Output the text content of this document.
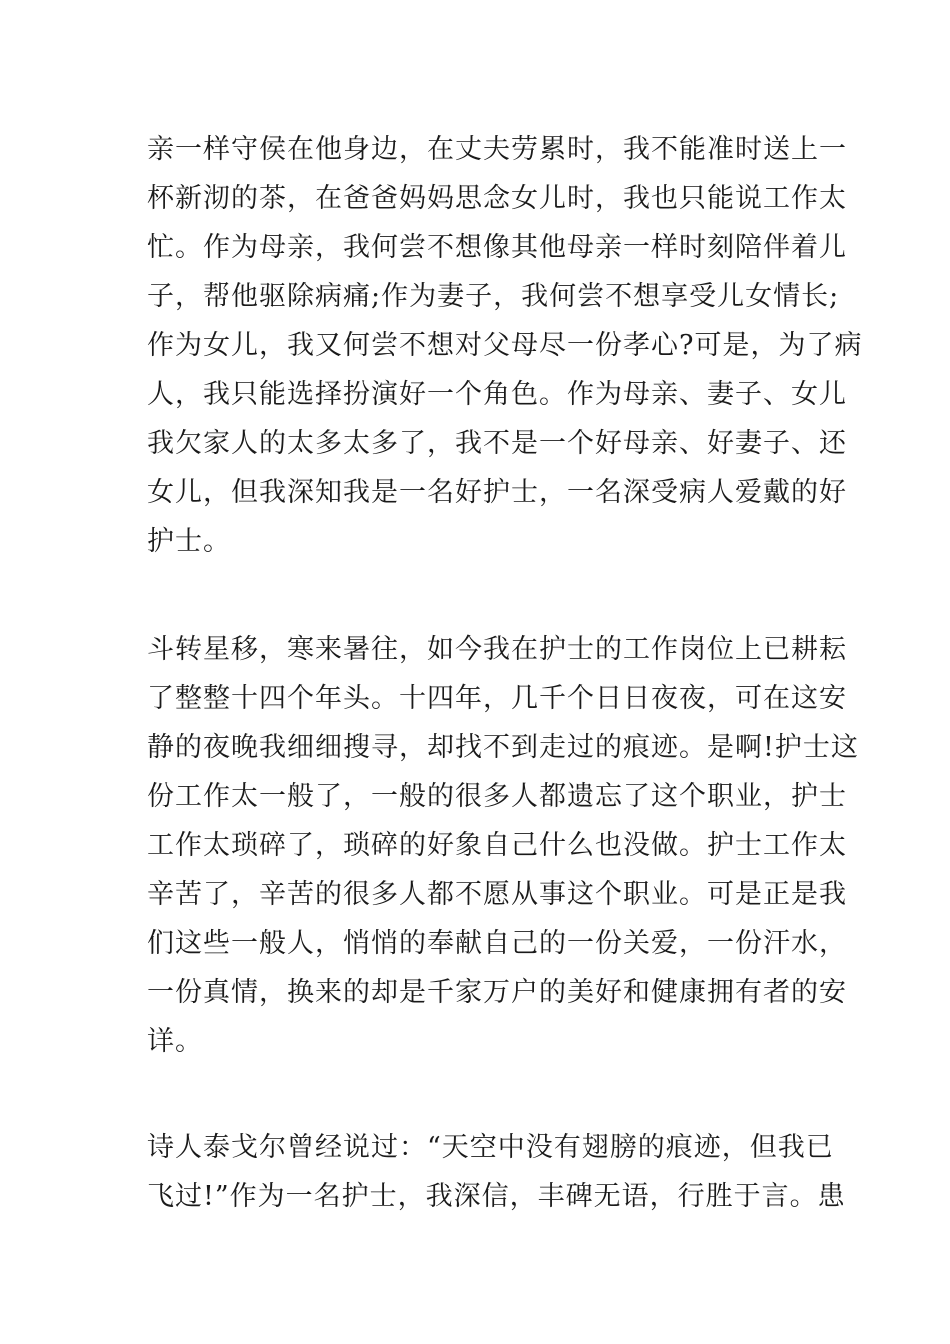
亲一样守侯在他身边，在丈夫劳累时，我不能准时送上一
杯新沏的茶，在爸爸妈妈思念女儿时，我也只能说工作太
忙。作为母亲，我何尝不想像其他母亲一样时刻陪伴着儿
子，帮他驱除病痛;作为妻子，我何尝不想享受儿女情长;
作为女儿，我又何尝不想对父母尽一份孝心?可是，为了病
人，我只能选择扮演好一个角色。作为母亲、妻子、女儿
我欠家人的太多太多了，我不是一个好母亲、好妻子、还
女儿，但我深知我是一名好护士，一名深受病人爱戴的好
护士。
斗转星移，寒来暑往，如今我在护士的工作岗位上已耕耘
了整整十四个年头。十四年，几千个日日夜夜，可在这安
静的夜晚我细细搜寻，却找不到走过的痕迹。是啊!护士这
份工作太一般了，一般的很多人都遗忘了这个职业，护士
工作太琐碎了，琐碎的好象自己什么也没做。护士工作太
辛苦了，辛苦的很多人都不愿从事这个职业。可是正是我
们这些一般人，悄悄的奉献自己的一份关爱，一份汗水，
一份真情，换来的却是千家万户的美好和健康拥有者的安
详。
诗人泰戈尔曾经说过：“天空中没有翅膀的痕迹，但我已
飞过!”作为一名护士，我深信，丰碑无语，行胜于言。患
